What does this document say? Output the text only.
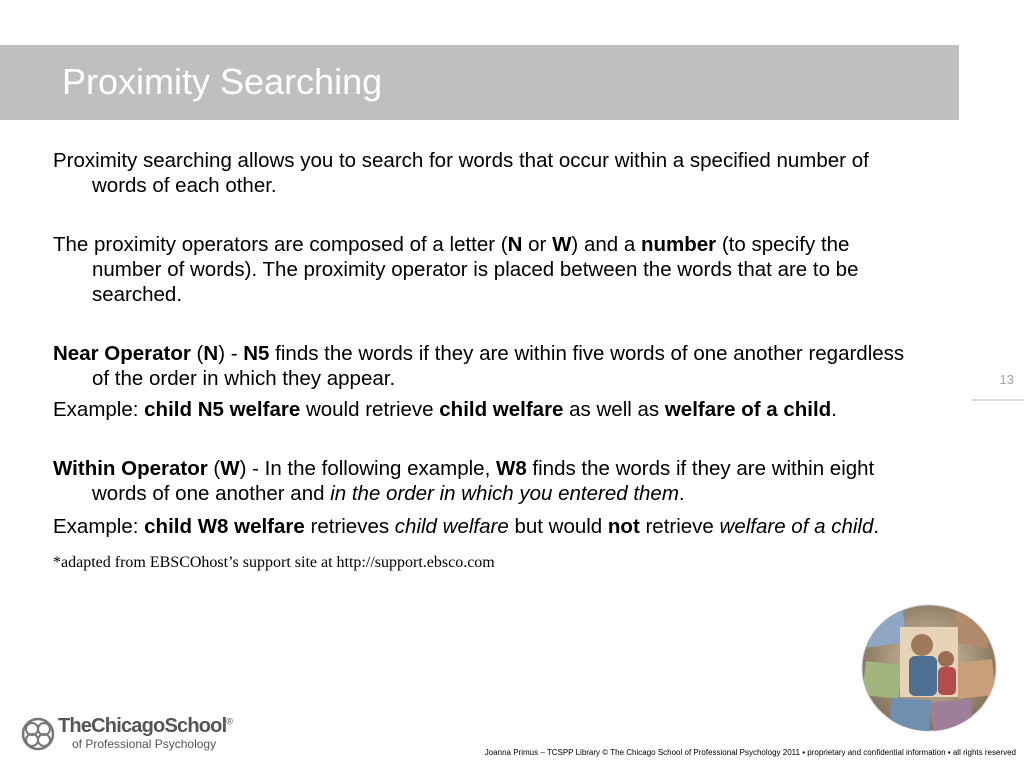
Proximity Searching
13

Proximity searching allows you to search for words that occur within a specified number of words of each other.

The proximity operators are composed of a letter (N or W) and a number (to specify the number of words). The proximity operator is placed between the words that are to be searched.

Near Operator (N) - N5 finds the words if they are within five words of one another regardless of the order in which they appear.

Example: child N5 welfare would retrieve child welfare as well as welfare of a child.

Within Operator (W) - In the following example, W8 finds the words if they are within eight words of one another and in the order in which you entered them.

Example: child W8 welfare retrieves child welfare but would not retrieve welfare of a child.

*adapted from EBSCOhost’s support site at http://support.ebsco.com
TheChicagoSchool®
of Professional Psychology
Joanna Primus – TCSPP Library © The Chicago School of Professional Psychology 2011 ▪ proprietary and confidential information ▪ all rights reserved
